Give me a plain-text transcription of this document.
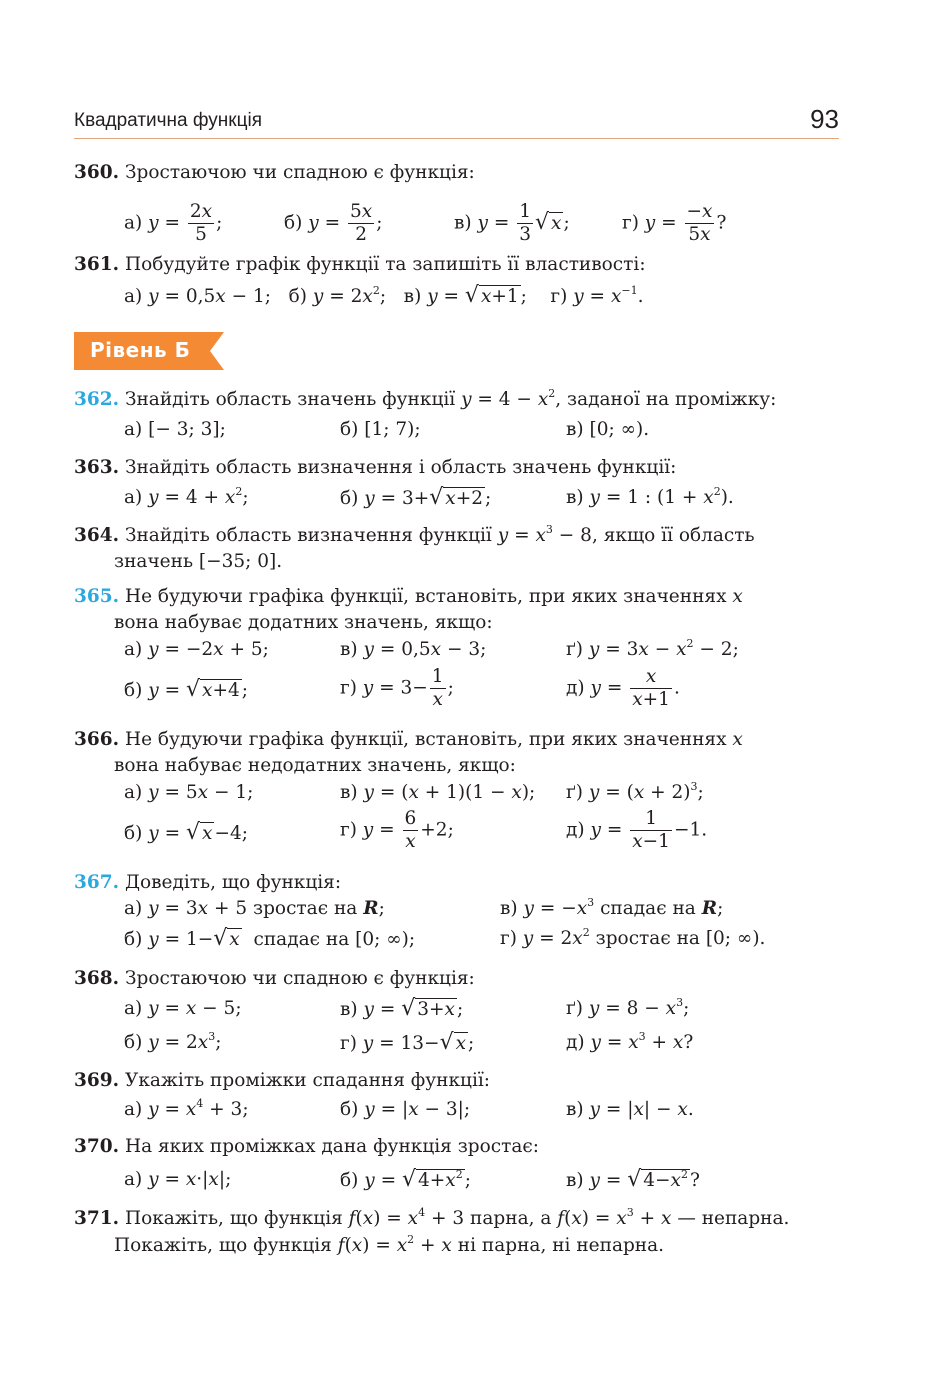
Квадратична функція	93
360. Зростаючою чи спадною є функція:
а) $y = \frac{2x}{5}$ ;	б) $y = \frac{5x}{2}$ ;	в) $y = \frac{1}{3}$ √ x ;	г) $y = \frac{-x}{5x}$ ?
361. Побудуйте графік функції та запишіть її властивості:
а) y = 0,5x − 1;   б) $y = 2x^2$;   в) y = √ x+1 ;    г) $y = x^{-1}$.
Рівень Б
362. Знайдіть область значень функції $y = 4 - x^2$, заданої на проміжку:
а) [− 3; 3];	б) [1; 7);	в) [0; ∞).
363. Знайдіть область визначення і область значень функції:
а) $y = 4 + x^2$;	б) y = 3+√ x+2 ;	в) y = 1 : $(1 + x^2)$.
364. Знайдіть область визначення функції $y = x^3 - 8$, якщо її область
значень [−35; 0].
365. Не будуючи графіка функції, встановіть, при яких значеннях x
вона набуває додатних значень, якщо:
а) y = −2x + 5;	в) y = 0,5x − 3;	ґ) $y = 3x - x^2 - 2$;
б) y = √ x+4 ;	г) $y = 3- \frac{1}{x}$ ;	д) $y = \frac{x}{x+1}$ .
366. Не будуючи графіка функції, встановіть, при яких значеннях x
вона набуває недодатних значень, якщо:
а) y = 5x − 1;	в) y = (x + 1)(1 − x); ґ) $y = (x + 2)^3$;
б) y = √ x −4;	г) $y = \frac{6}{x} +2$;	д) $y = \frac{1}{x-1} -1$.
367. Доведіть, що функція:
а) y = 3x + 5 зростає на R;	в) $y = -x^3$ спадає на R;
б) y = 1−√ x спадає на [0; ∞);	г) $y = 2x^2$ зростає на [0; ∞).
368. Зростаючою чи спадною є функція:
а) y = x − 5;	в) y = √ 3+x ;	ґ) $y = 8 - x^3$;
б) $y = 2x^3$;	г) y = 13−√ x ;	д) $y = x^3 + x$?
369. Укажіть проміжки спадання функції:
а) $y = x^4 + 3$;	б) y = |x − 3|;	в) y = |x| − x.
370. На яких проміжках дана функція зростає:
а) y = x·|x|;	б) y = √ $4+x^2$ ;	в) y = √ $4-x^2$ ?
371. Покажіть, що функція $f(x) = x^4 + 3$ парна, а $f(x) = x^3 + x$ — непарна.
Покажіть, що функція $f(x) = x^2 + x$ ні парна, ні непарна.
